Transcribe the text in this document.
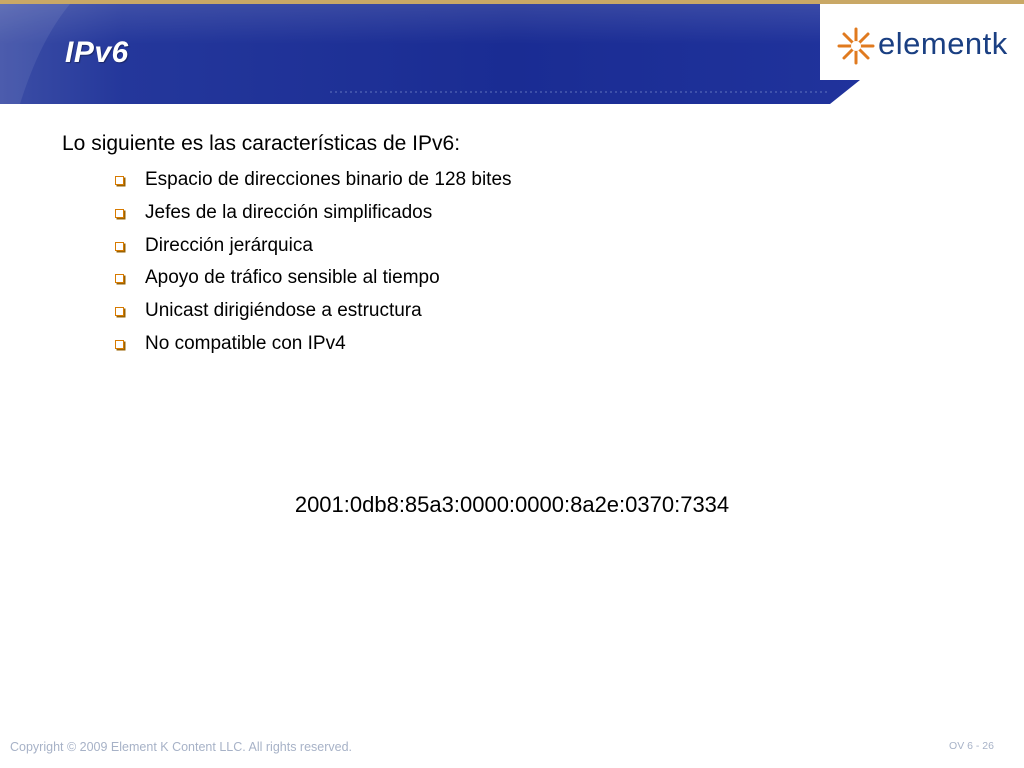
IPv6	elementk
Lo siguiente es las características de IPv6:
Espacio de direcciones binario de 128 bites
Jefes de la dirección simplificados
Dirección jerárquica
Apoyo de tráfico sensible al tiempo
Unicast dirigiéndose a estructura
No compatible con IPv4
2001:0db8:85a3:0000:0000:8a2e:0370:7334
Copyright © 2009 Element K Content LLC. All rights reserved.	OV 6 - 26
